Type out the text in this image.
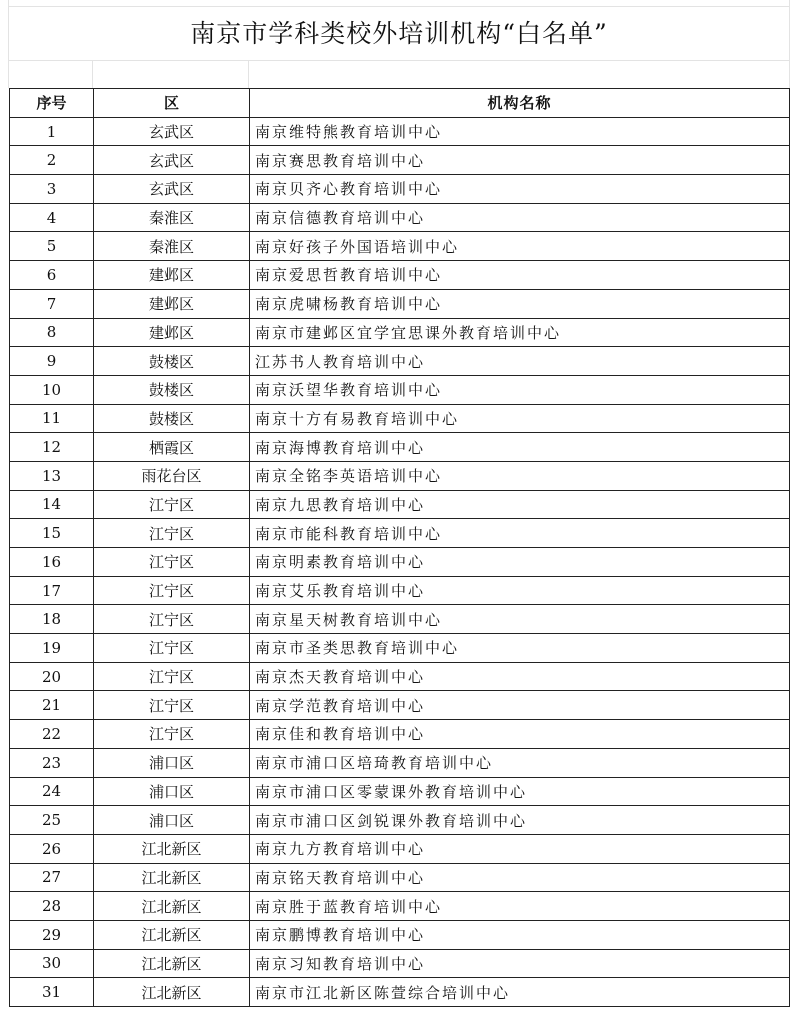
南京市学科类校外培训机构“白名单”
序号	区	机构名称
1	玄武区	南京维特熊教育培训中心
2	玄武区	南京赛思教育培训中心
3	玄武区	南京贝齐心教育培训中心
4	秦淮区	南京信德教育培训中心
5	秦淮区	南京好孩子外国语培训中心
6	建邺区	南京爱思哲教育培训中心
7	建邺区	南京虎啸杨教育培训中心
8	建邺区	南京市建邺区宜学宜思课外教育培训中心
9	鼓楼区	江苏书人教育培训中心
10	鼓楼区	南京沃望华教育培训中心
11	鼓楼区	南京十方有易教育培训中心
12	栖霞区	南京海博教育培训中心
13	雨花台区	南京全铭李英语培训中心
14	江宁区	南京九思教育培训中心
15	江宁区	南京市能科教育培训中心
16	江宁区	南京明素教育培训中心
17	江宁区	南京艾乐教育培训中心
18	江宁区	南京星天树教育培训中心
19	江宁区	南京市圣类思教育培训中心
20	江宁区	南京杰天教育培训中心
21	江宁区	南京学范教育培训中心
22	江宁区	南京佳和教育培训中心
23	浦口区	南京市浦口区培琦教育培训中心
24	浦口区	南京市浦口区零蒙课外教育培训中心
25	浦口区	南京市浦口区剑锐课外教育培训中心
26	江北新区	南京九方教育培训中心
27	江北新区	南京铭天教育培训中心
28	江北新区	南京胜于蓝教育培训中心
29	江北新区	南京鹏博教育培训中心
30	江北新区	南京习知教育培训中心
31	江北新区	南京市江北新区陈萱综合培训中心
